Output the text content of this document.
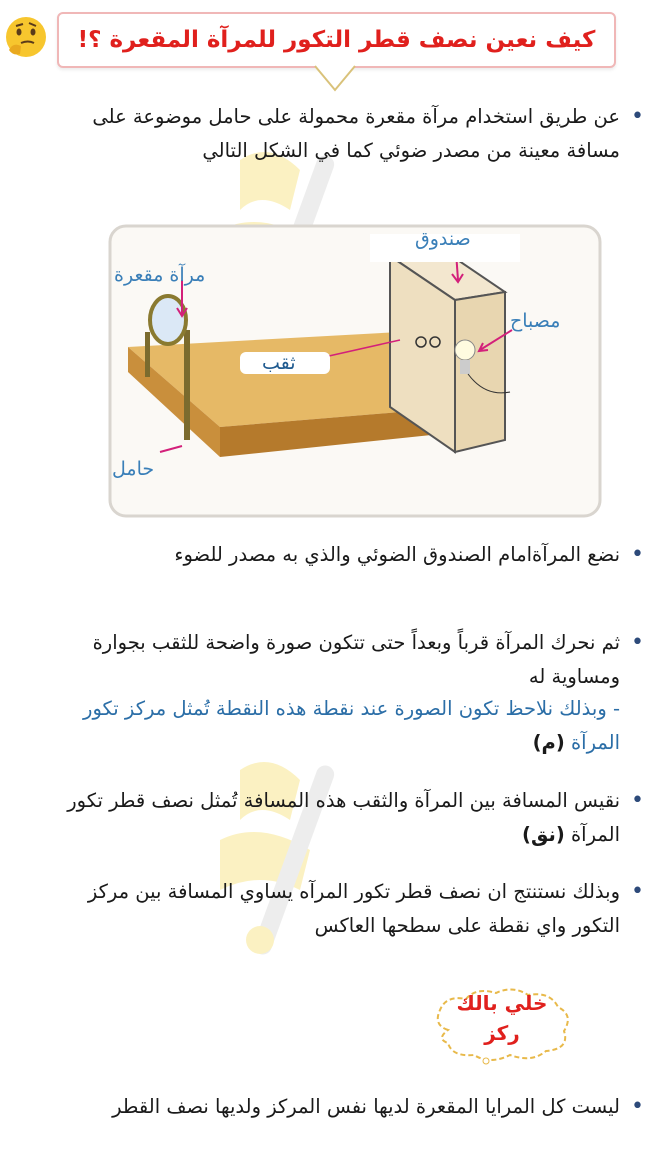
كيف نعين نصف قطر التكور للمرآة المقعرة ؟!
• عن طريق استخدام مرآة مقعرة محمولة على حامل موضوعة على مسافة معينة من مصدر ضوئي كما في الشكل التالي
صندوق
مرآة مقعرة
مصباح
ثقب
حامل
• نضع المرآةامام الصندوق الضوئي والذي به مصدر للضوء
• ثم نحرك المرآة قرباً وبعداً حتى تتكون صورة واضحة للثقب بجوارة ومساوية له
- وبذلك نلاحظ تكون الصورة عند نقطة هذه النقطة تُمثل مركز تكور المرآة (م)
• نقيس المسافة بين المرآة والثقب هذه المسافة تُمثل نصف قطر تكور المرآة (نق)
• وبذلك نستنتج ان نصف قطر تكور المرآه يساوي المسافة بين مركز التكور واي نقطة على سطحها العاكس
خلي بالك
ركز
• ليست كل المرايا المقعرة لديها نفس المركز ولديها نصف القطر
